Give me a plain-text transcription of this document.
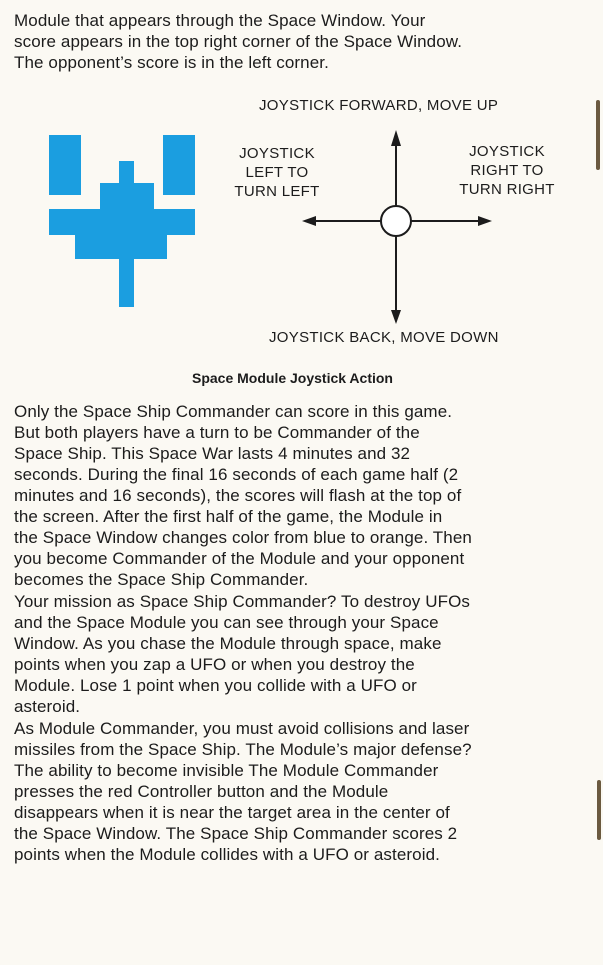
Module that appears through the Space Window. Your
score appears in the top right corner of the Space Window.
The opponent’s score is in the left corner.

JOYSTICK FORWARD, MOVE UP
JOYSTICK
LEFT TO
TURN LEFT
JOYSTICK
RIGHT TO
TURN RIGHT
JOYSTICK BACK, MOVE DOWN
Space Module Joystick Action

Only the Space Ship Commander can score in this game.
But both players have a turn to be Commander of the
Space Ship. This Space War lasts 4 minutes and 32
seconds. During the final 16 seconds of each game half (2
minutes and 16 seconds), the scores will flash at the top of
the screen. After the first half of the game, the Module in
the Space Window changes color from blue to orange. Then
you become Commander of the Module and your opponent
becomes the Space Ship Commander.

Your mission as Space Ship Commander? To destroy UFOs
and the Space Module you can see through your Space
Window. As you chase the Module through space, make
points when you zap a UFO or when you destroy the
Module. Lose 1 point when you collide with a UFO or
asteroid.

As Module Commander, you must avoid collisions and laser
missiles from the Space Ship. The Module’s major defense?
The ability to become invisible The Module Commander
presses the red Controller button and the Module
disappears when it is near the target area in the center of
the Space Window. The Space Ship Commander scores 2
points when the Module collides with a UFO or asteroid.
